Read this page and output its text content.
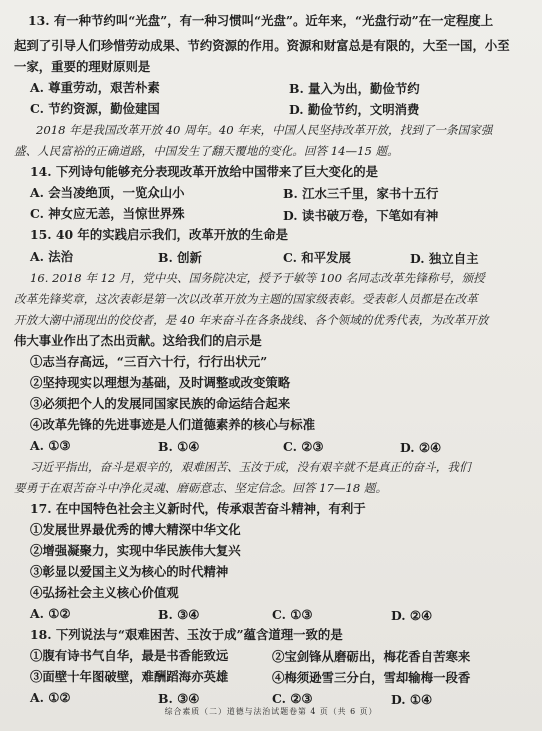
13. 有一种节约叫“光盘”，有一种习惯叫“光盘”。近年来，“光盘行动”在一定程度上
起到了引导人们珍惜劳动成果、节约资源的作用。资源和财富总是有限的，大至一国，小至
一家，重要的理财原则是
A. 尊重劳动，艰苦朴素	B. 量入为出，勤俭节约
C. 节约资源，勤俭建国	D. 勤俭节约，文明消费
2018 年是我国改革开放 40 周年。40 年来，中国人民坚持改革开放，找到了一条国家强
盛、人民富裕的正确道路，中国发生了翻天覆地的变化。回答 14—15 题。
14. 下列诗句能够充分表现改革开放给中国带来了巨大变化的是
A. 会当凌绝顶，一览众山小	B. 江水三千里，家书十五行
C. 神女应无恙，当惊世界殊	D. 读书破万卷，下笔如有神
15. 40 年的实践启示我们，改革开放的生命是
A. 法治	B. 创新	C. 和平发展	D. 独立自主
16. 2018 年 12 月，党中央、国务院决定，授予于敏等 100 名同志改革先锋称号，颁授
改革先锋奖章，这次表彰是第一次以改革开放为主题的国家级表彰。受表彰人员都是在改革
开放大潮中涌现出的佼佼者，是 40 年来奋斗在各条战线、各个领域的优秀代表，为改革开放
伟大事业作出了杰出贡献。这给我们的启示是
①志当存高远，“三百六十行，行行出状元”
②坚持现实以理想为基础，及时调整或改变策略
③必须把个人的发展同国家民族的命运结合起来
④改革先锋的先进事迹是人们道德素养的核心与标准
A. ①③	B. ①④	C. ②③	D. ②④
习近平指出，奋斗是艰辛的，艰难困苦、玉汝于成，没有艰辛就不是真正的奋斗，我们
要勇于在艰苦奋斗中净化灵魂、磨砺意志、坚定信念。回答 17—18 题。
17. 在中国特色社会主义新时代，传承艰苦奋斗精神，有利于
①发展世界最优秀的博大精深中华文化
②增强凝聚力，实现中华民族伟大复兴
③彰显以爱国主义为核心的时代精神
④弘扬社会主义核心价值观
A. ①②	B. ③④	C. ①③	D. ②④
18. 下列说法与“艰难困苦、玉汝于成”蕴含道理一致的是
①腹有诗书气自华，最是书香能致远	②宝剑锋从磨砺出，梅花香自苦寒来
③面壁十年图破壁，难酬蹈海亦英雄	④梅须逊雪三分白，雪却输梅一段香
A. ①②	B. ③④	C. ②③	D. ①④
综合素质（二）道德与法治试题卷第 4 页（共 6 页）
